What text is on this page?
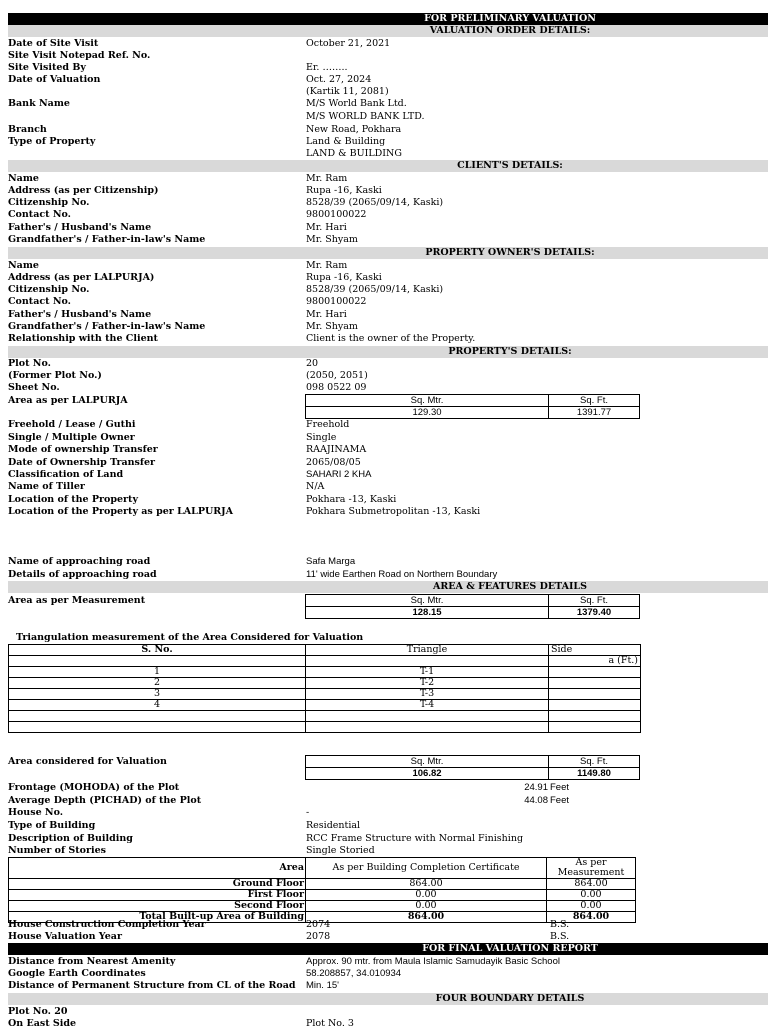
FOR PRELIMINARY VALUATION
VALUATION ORDER DETAILS:
Date of Site Visit	October 21, 2021
Site Visit Notepad Ref. No.
Site Visited By	Er. ……..
Date of Valuation	Oct. 27, 2024
(Kartik 11, 2081)
Bank Name	M/S World Bank Ltd.
M/S WORLD BANK LTD.
Branch	New Road, Pokhara
Type of Property	Land & Building
LAND & BUILDING
CLIENT'S DETAILS:
Name	Mr. Ram
Address (as per Citizenship)	Rupa -16, Kaski
Citizenship No.	8528/39 (2065/09/14, Kaski)
Contact No.	9800100022
Father's / Husband's Name	Mr. Hari
Grandfather's / Father-in-law's Name	Mr. Shyam
PROPERTY OWNER'S DETAILS:
Name	Mr. Ram
Address (as per LALPURJA)	Rupa -16, Kaski
Citizenship No.	8528/39 (2065/09/14, Kaski)
Contact No.	9800100022
Father's / Husband's Name	Mr. Hari
Grandfather's / Father-in-law's Name	Mr. Shyam
Relationship with the Client	Client is the owner of the Property.
PROPERTY'S DETAILS:
Plot No.	20
(Former Plot No.)	(2050, 2051)
Sheet No.	098 0522 09
Area as per LALPURJA	Sq. Mtr.	Sq. Ft.
129.30	1391.77
Freehold / Lease / Guthi	Freehold
Single / Multiple Owner	Single
Mode of ownership Transfer	RAAJINAMA
Date of Ownership Transfer	2065/08/05
Classification of Land	SAHARI 2 KHA
Name of Tiller	N/A
Location of the Property	Pokhara -13, Kaski
Location of the Property as per LALPURJA	Pokhara Submetropolitan -13, Kaski
Name of approaching road	Safa Marga
Details of approaching road	11' wide Earthen Road on Northern Boundary
AREA & FEATURES DETAILS
Area as per Measurement	Sq. Mtr.	Sq. Ft.
128.15	1379.40
Triangulation measurement of the Area Considered for Valuation
S. No.	Triangle	Side
		a (Ft.)
1	T-1	
2	T-2	
3	T-3	
4	T-4	

Area considered for Valuation	Sq. Mtr.	Sq. Ft.
106.82	1149.80
Frontage (MOHODA) of the Plot	24.91 Feet
Average Depth (PICHAD) of the Plot	44.08 Feet
House No.	-
Type of Building	Residential
Description of Building	RCC Frame Structure with Normal Finishing
Number of Stories	Single Storied
Area	As per Building Completion Certificate	As per Measurement
Ground Floor	864.00	864.00
First Floor	0.00	0.00
Second Floor	0.00	0.00
Total Built-up Area of Building	864.00	864.00
House Construction Completion Year	2074	B.S.
House Valuation Year	2078	B.S.
FOR FINAL VALUATION REPORT
Distance from Nearest Amenity	Approx. 90 mtr. from Maula Islamic Samudayik Basic School
Google Earth Coordinates	58.208857, 34.010934
Distance of Permanent Structure from CL of the Road Min. 15'
FOUR BOUNDARY DETAILS
Plot No. 20
On East Side	Plot No. 3
